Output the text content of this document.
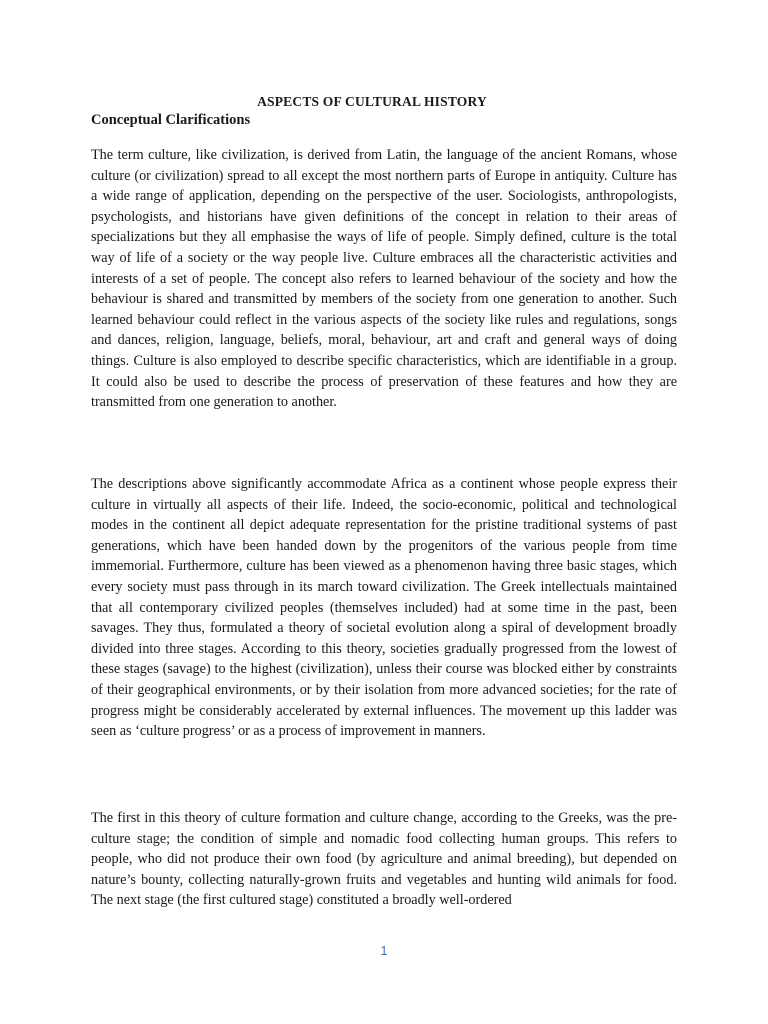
ASPECTS OF CULTURAL HISTORY
Conceptual Clarifications

The term culture, like civilization, is derived from Latin, the language of the ancient Romans, whose culture (or civilization) spread to all except the most northern parts of Europe in antiquity. Culture has a wide range of application, depending on the perspective of the user. Sociologists, anthropologists, psychologists, and historians have given definitions of the concept in relation to their areas of specializations but they all emphasise the ways of life of people. Simply defined, culture is the total way of life of a society or the way people live. Culture embraces all the characteristic activities and interests of a set of people. The concept also refers to learned behaviour of the society and how the behaviour is shared and transmitted by members of the society from one generation to another. Such learned behaviour could reflect in the various aspects of the society like rules and regulations, songs and dances, religion, language, beliefs, moral, behaviour, art and craft and general ways of doing things. Culture is also employed to describe specific characteristics, which are identifiable in a group. It could also be used to describe the process of preservation of these features and how they are transmitted from one generation to another.

The descriptions above significantly accommodate Africa as a continent whose people express their culture in virtually all aspects of their life. Indeed, the socio-economic, political and technological modes in the continent all depict adequate representation for the pristine traditional systems of past generations, which have been handed down by the progenitors of the various people from time immemorial. Furthermore, culture has been viewed as a phenomenon having three basic stages, which every society must pass through in its march toward civilization. The Greek intellectuals maintained that all contemporary civilized peoples (themselves included) had at some time in the past, been savages. They thus, formulated a theory of societal evolution along a spiral of development broadly divided into three stages. According to this theory, societies gradually progressed from the lowest of these stages (savage) to the highest (civilization), unless their course was blocked either by constraints of their geographical environments, or by their isolation from more advanced societies; for the rate of progress might be considerably accelerated by external influences. The movement up this ladder was seen as ‘culture progress’ or as a process of improvement in manners.

The first in this theory of culture formation and culture change, according to the Greeks, was the pre-culture stage; the condition of simple and nomadic food collecting human groups. This refers to people, who did not produce their own food (by agriculture and animal breeding), but depended on nature’s bounty, collecting naturally-grown fruits and vegetables and hunting wild animals for food. The next stage (the first cultured stage) constituted a broadly well-ordered

1
